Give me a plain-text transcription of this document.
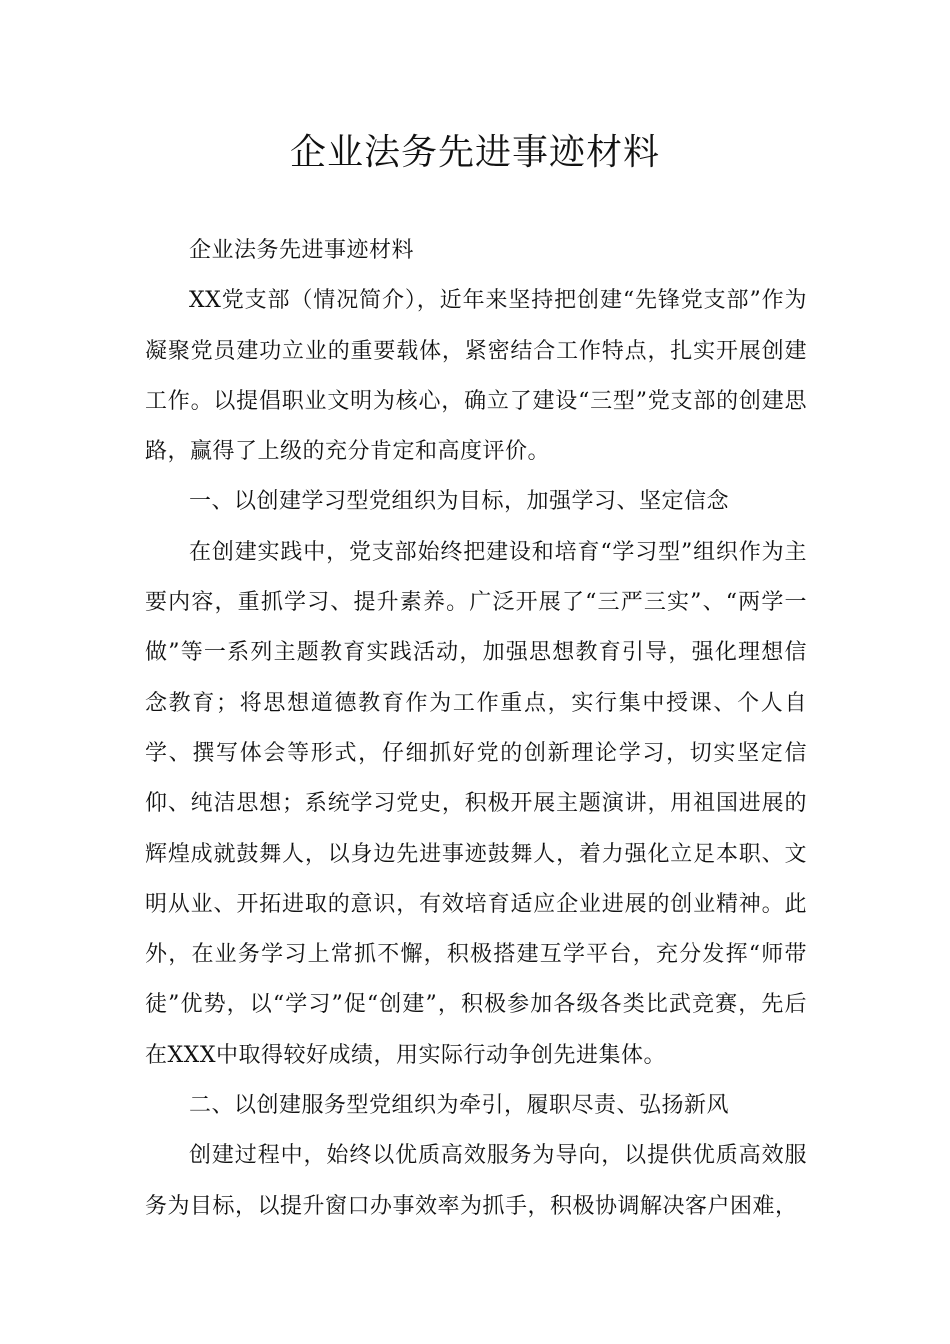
企业法务先进事迹材料

企业法务先进事迹材料

XX党支部（情况简介），近年来坚持把创建“先锋党支部”作为凝聚党员建功立业的重要载体，紧密结合工作特点，扎实开展创建工作。以提倡职业文明为核心，确立了建设“三型”党支部的创建思路，赢得了上级的充分肯定和高度评价。

一、以创建学习型党组织为目标，加强学习、坚定信念

在创建实践中，党支部始终把建设和培育“学习型”组织作为主要内容，重抓学习、提升素养。广泛开展了“三严三实”、“两学一做”等一系列主题教育实践活动，加强思想教育引导，强化理想信念教育；将思想道德教育作为工作重点，实行集中授课、个人自学、撰写体会等形式，仔细抓好党的创新理论学习，切实坚定信仰、纯洁思想；系统学习党史，积极开展主题演讲，用祖国进展的辉煌成就鼓舞人，以身边先进事迹鼓舞人，着力强化立足本职、文明从业、开拓进取的意识，有效培育适应企业进展的创业精神。此外，在业务学习上常抓不懈，积极搭建互学平台，充分发挥“师带徒”优势，以“学习”促“创建”，积极参加各级各类比武竞赛，先后在XXX中取得较好成绩，用实际行动争创先进集体。

二、以创建服务型党组织为牵引，履职尽责、弘扬新风

创建过程中，始终以优质高效服务为导向，以提供优质高效服务为目标，以提升窗口办事效率为抓手，积极协调解决客户困难，
